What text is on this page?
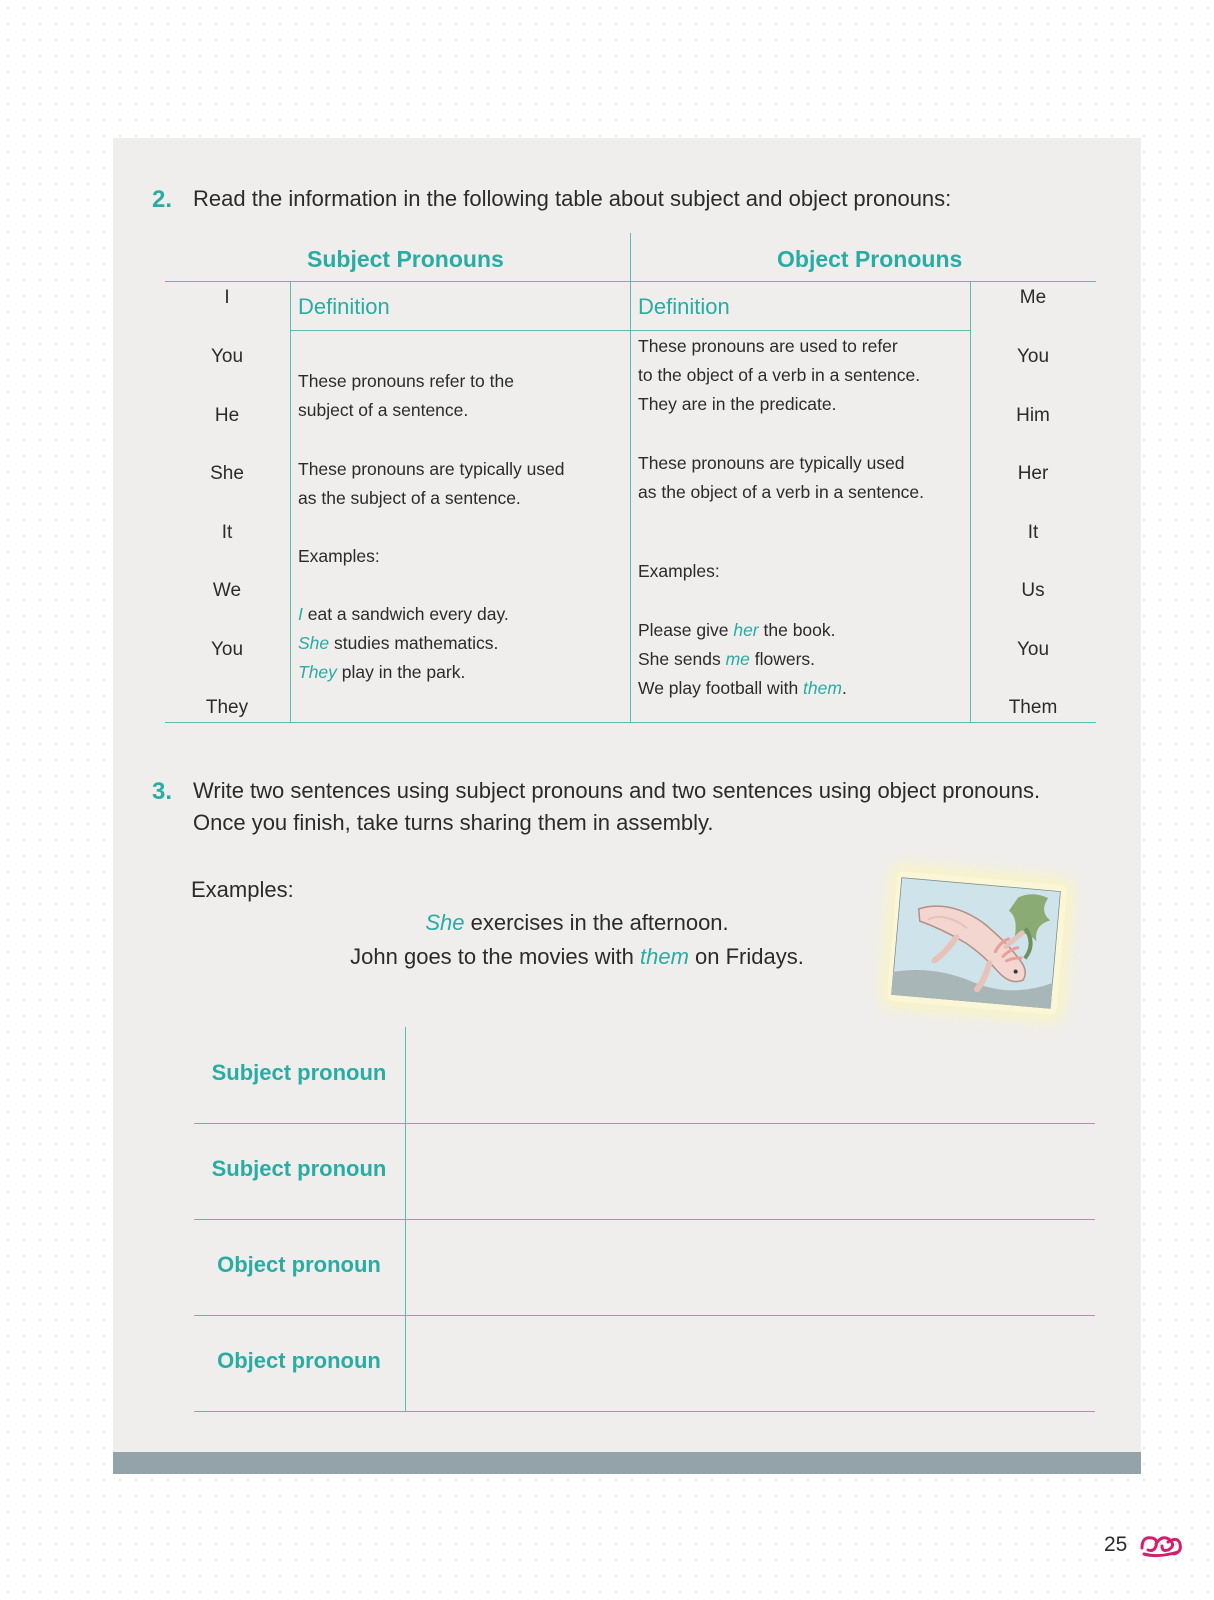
2. Read the information in the following table about subject and object pronouns:
Subject Pronouns	Object Pronouns
I
You
He
She
It
We
You
They
Me
You
Him
Her
It
Us
You
Them
Definition
These pronouns refer to the
subject of a sentence.
These pronouns are typically used
as the subject of a sentence.
Examples:
I eat a sandwich every day.
She studies mathematics.
They play in the park.
Definition
These pronouns are used to refer
to the object of a verb in a sentence.
They are in the predicate.
These pronouns are typically used
as the object of a verb in a sentence.
Examples:
Please give her the book.
She sends me flowers.
We play football with them.
3. Write two sentences using subject pronouns and two sentences using object pronouns.
Once you finish, take turns sharing them in assembly.
Examples:
She exercises in the afternoon.
John goes to the movies with them on Fridays.
Subject pronoun
Subject pronoun
Object pronoun
Object pronoun
25
